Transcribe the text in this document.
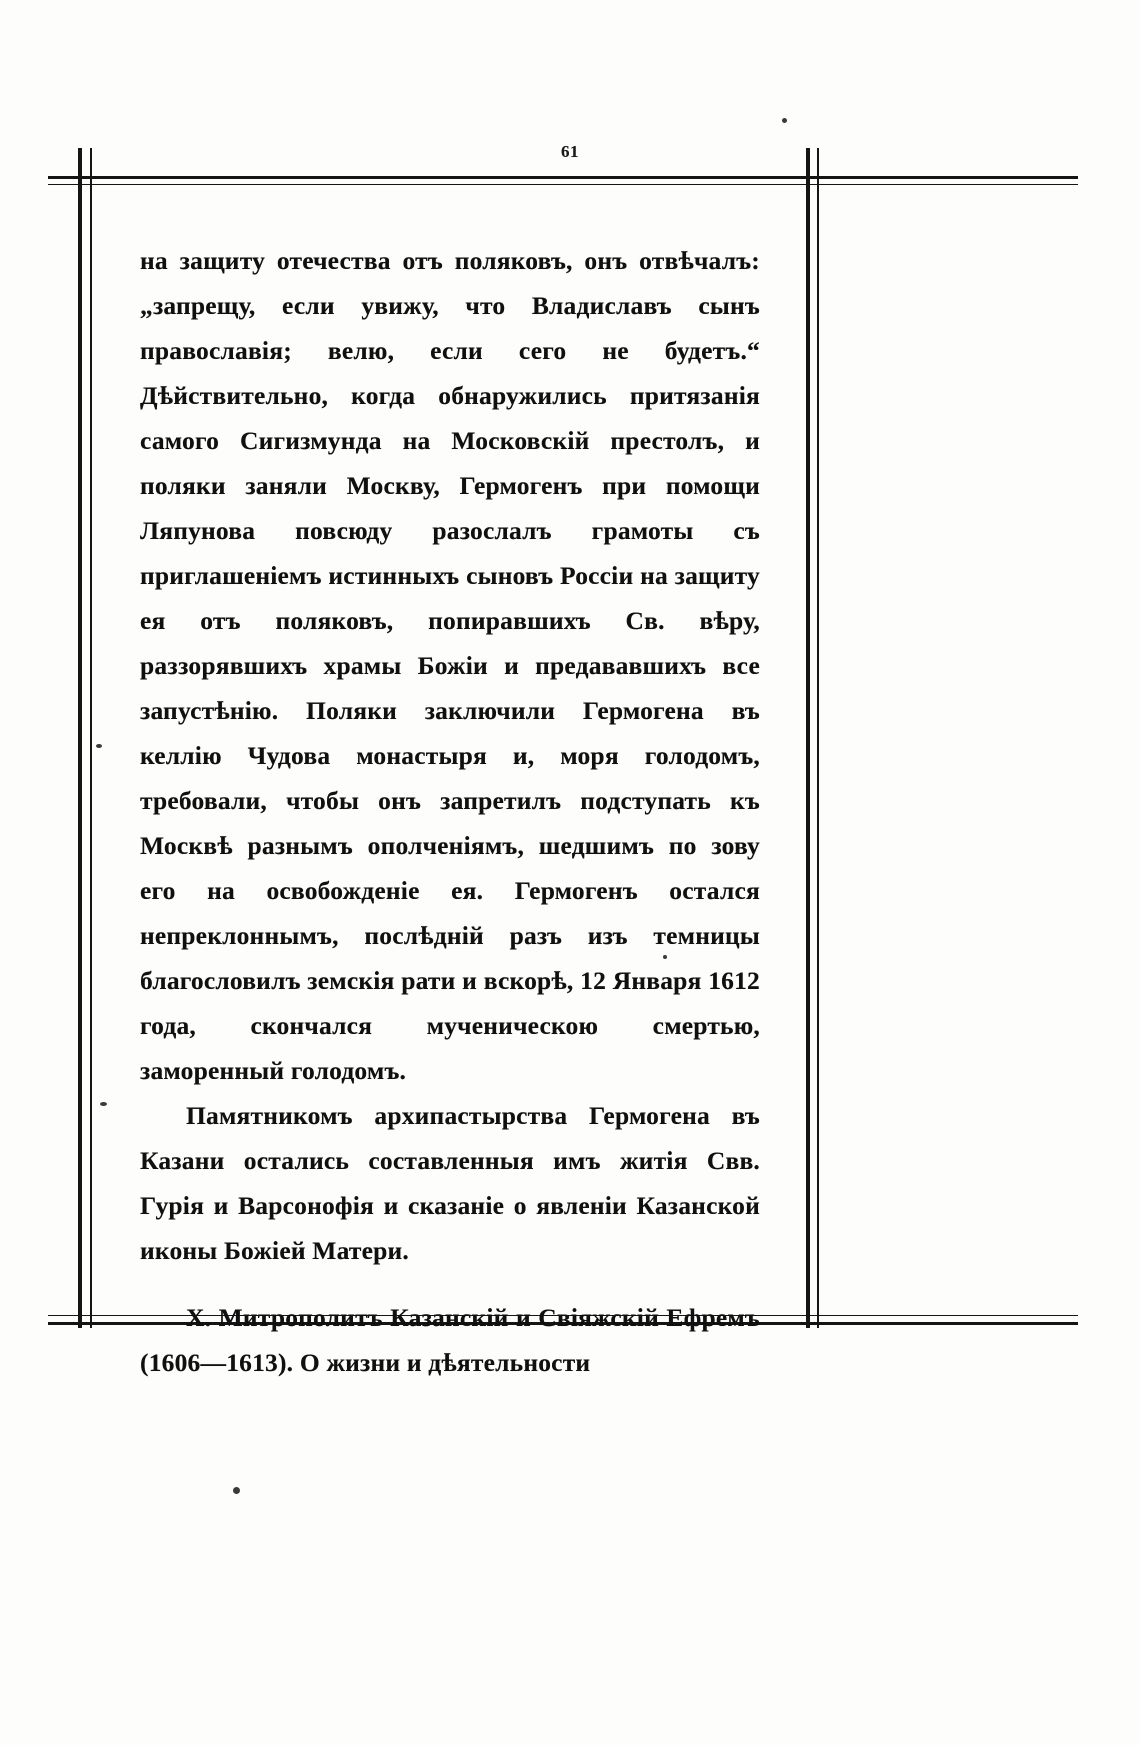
61

на защиту отечества отъ поляковъ, онъ отвѣчалъ: „запрещу, если увижу, что Владиславъ сынъ православія; велю, если сего не будетъ.“ Дѣйствительно, когда обнаружились притязанія самого Сигизмунда на Московскій престолъ, и поляки заняли Москву, Гермогенъ при помощи Ляпунова повсюду разослалъ грамоты съ приглашеніемъ истинныхъ сыновъ Россіи на защиту ея отъ поляковъ, попиравшихъ Св. вѣру, раззорявшихъ храмы Божіи и предававшихъ все запустѣнію. Поляки заключили Гермогена въ келлію Чудова монастыря и, моря голодомъ, требовали, чтобы онъ запретилъ подступать къ Москвѣ разнымъ ополченіямъ, шедшимъ по зову его на освобожденіе ея. Гермогенъ остался непреклоннымъ, послѣдній разъ изъ темницы благословилъ земскія рати и вскорѣ, 12 Января 1612 года, скончался мученическою смертью, заморенный голодомъ.

Памятникомъ архипастырства Гермогена въ Казани остались составленныя имъ житія Свв. Гурія и Варсонофія и сказаніе о явленіи Казанской иконы Божіей Матери.

X. Митрополитъ Казанскій и Свіяжскій Ефремъ (1606—1613). О жизни и дѣятельности
